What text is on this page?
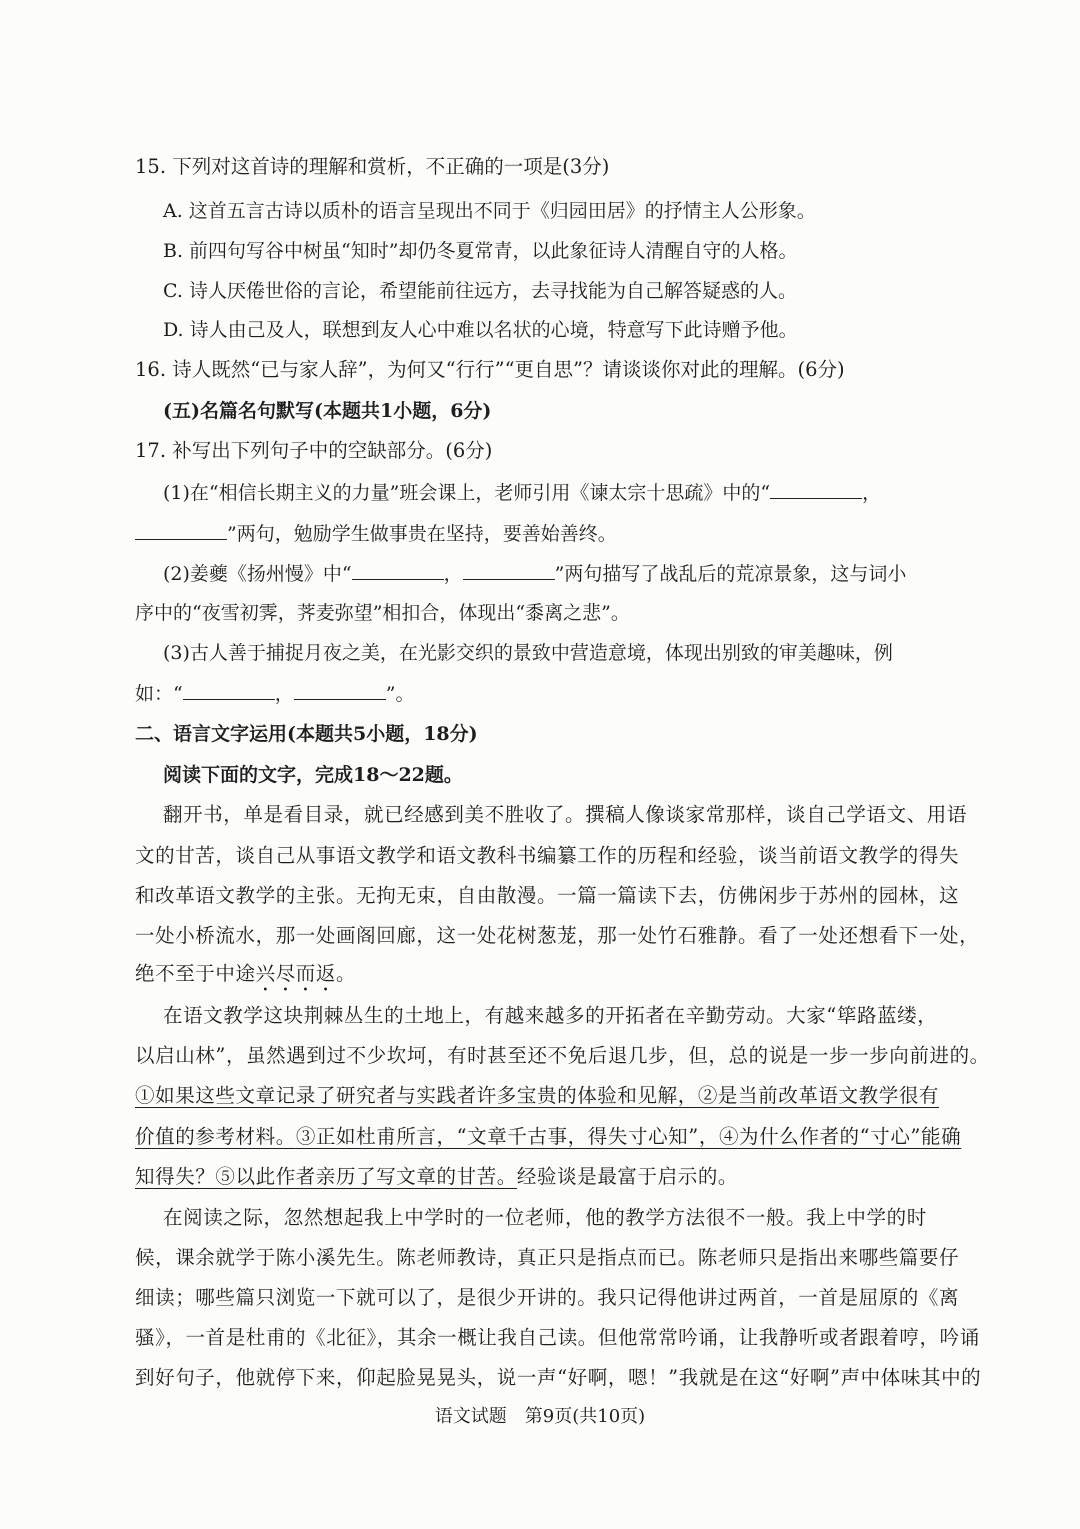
15. 下列对这首诗的理解和赏析，不正确的一项是(3分)
A. 这首五言古诗以质朴的语言呈现出不同于《归园田居》的抒情主人公形象。
B. 前四句写谷中树虽“知时”却仍冬夏常青，以此象征诗人清醒自守的人格。
C. 诗人厌倦世俗的言论，希望能前往远方，去寻找能为自己解答疑惑的人。
D. 诗人由己及人，联想到友人心中难以名状的心境，特意写下此诗赠予他。
16. 诗人既然“已与家人辞”，为何又“行行”“更自思”？请谈谈你对此的理解。(6分)
(五)名篇名句默写(本题共1小题，6分)
17. 补写出下列句子中的空缺部分。(6分)
(1)在“相信长期主义的力量”班会课上，老师引用《谏太宗十思疏》中的“	，
”两句，勉励学生做事贵在坚持，要善始善终。
(2)姜夔《扬州慢》中“	，	”两句描写了战乱后的荒凉景象，这与词小
序中的“夜雪初霁，荠麦弥望”相扣合，体现出“黍离之悲”。
(3)古人善于捕捉月夜之美，在光影交织的景致中营造意境，体现出别致的审美趣味，例
如：“	，	”。
二、语言文字运用(本题共5小题，18分)
阅读下面的文字，完成18～22题。
翻开书，单是看目录，就已经感到美不胜收了。撰稿人像谈家常那样，谈自己学语文、用语
文的甘苦，谈自己从事语文教学和语文教科书编纂工作的历程和经验，谈当前语文教学的得失
和改革语文教学的主张。无拘无束，自由散漫。一篇一篇读下去，仿佛闲步于苏州的园林，这
一处小桥流水，那一处画阁回廊，这一处花树葱茏，那一处竹石雅静。看了一处还想看下一处，
绝不至于中途兴尽而返。
在语文教学这块荆棘丛生的土地上，有越来越多的开拓者在辛勤劳动。大家“筚路蓝缕，
以启山林”，虽然遇到过不少坎坷，有时甚至还不免后退几步，但，总的说是一步一步向前进的。
①如果这些文章记录了研究者与实践者许多宝贵的体验和见解，②是当前改革语文教学很有
价值的参考材料。③正如杜甫所言，“文章千古事，得失寸心知”，④为什么作者的“寸心”能确
知得失？⑤以此作者亲历了写文章的甘苦。经验谈是最富于启示的。
在阅读之际，忽然想起我上中学时的一位老师，他的教学方法很不一般。我上中学的时
候，课余就学于陈小溪先生。陈老师教诗，真正只是指点而已。陈老师只是指出来哪些篇要仔
细读；哪些篇只浏览一下就可以了，是很少开讲的。我只记得他讲过两首，一首是屈原的《离
骚》，一首是杜甫的《北征》，其余一概让我自己读。但他常常吟诵，让我静听或者跟着哼，吟诵
到好句子，他就停下来，仰起脸晃晃头，说一声“好啊，嗯！”我就是在这“好啊”声中体味其中的
语文试题　第9页(共10页)
